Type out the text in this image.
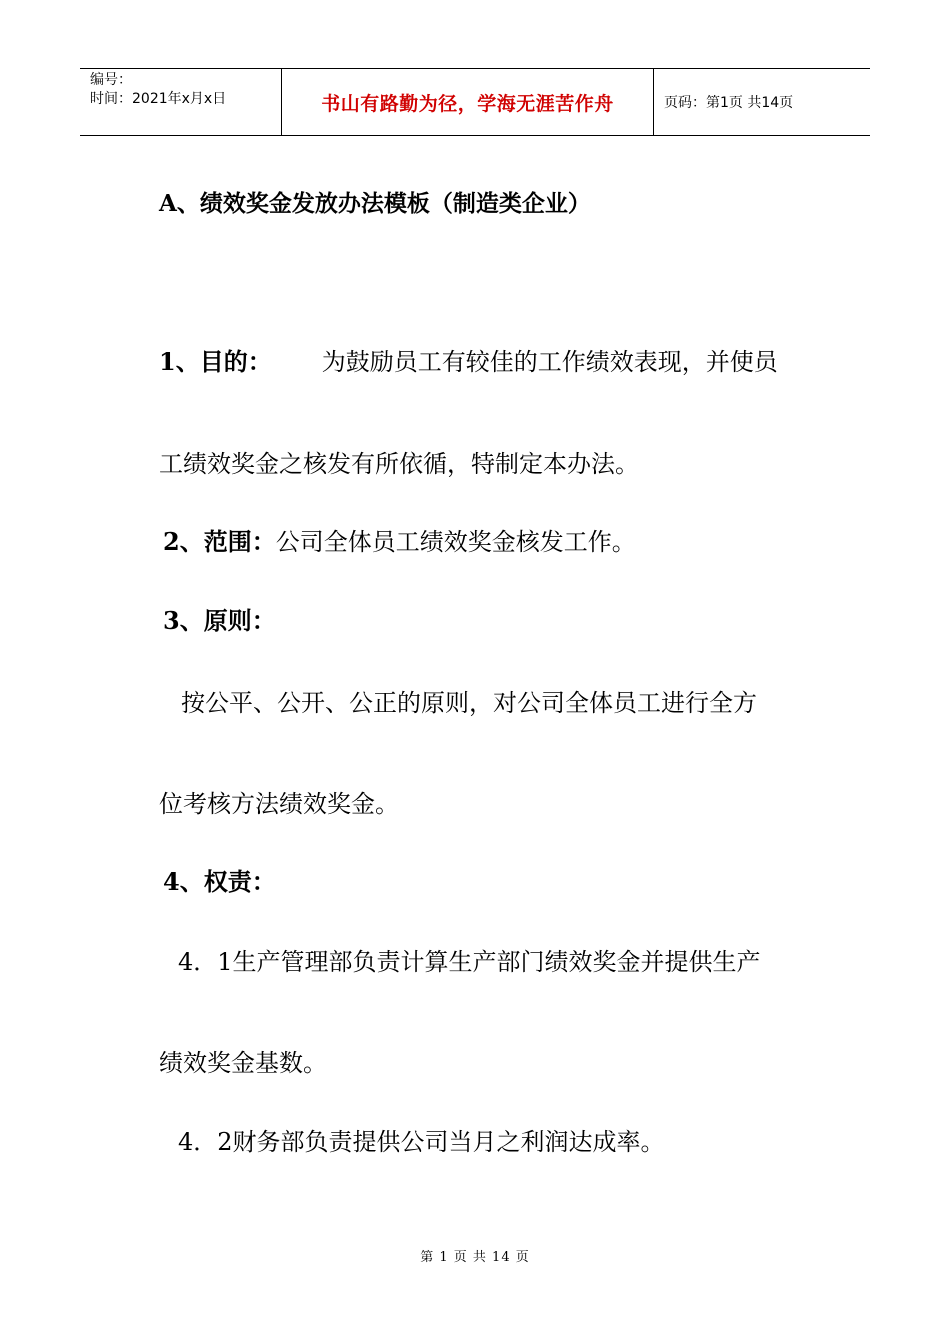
编号：
时间：2021年x月x日	书山有路勤为径，学海无涯苦作舟	页码：第1页 共14页
A、绩效奖金发放办法模板（制造类企业）
1、目的： 为鼓励员工有较佳的工作绩效表现，并使员
工绩效奖金之核发有所依循，特制定本办法。
2、范围：公司全体员工绩效奖金核发工作。
3、原则：
按公平、公开、公正的原则，对公司全体员工进行全方
位考核方法绩效奖金。
4、权责：
4．1生产管理部负责计算生产部门绩效奖金并提供生产
绩效奖金基数。
4．2财务部负责提供公司当月之利润达成率。
第 1 页 共 14 页
